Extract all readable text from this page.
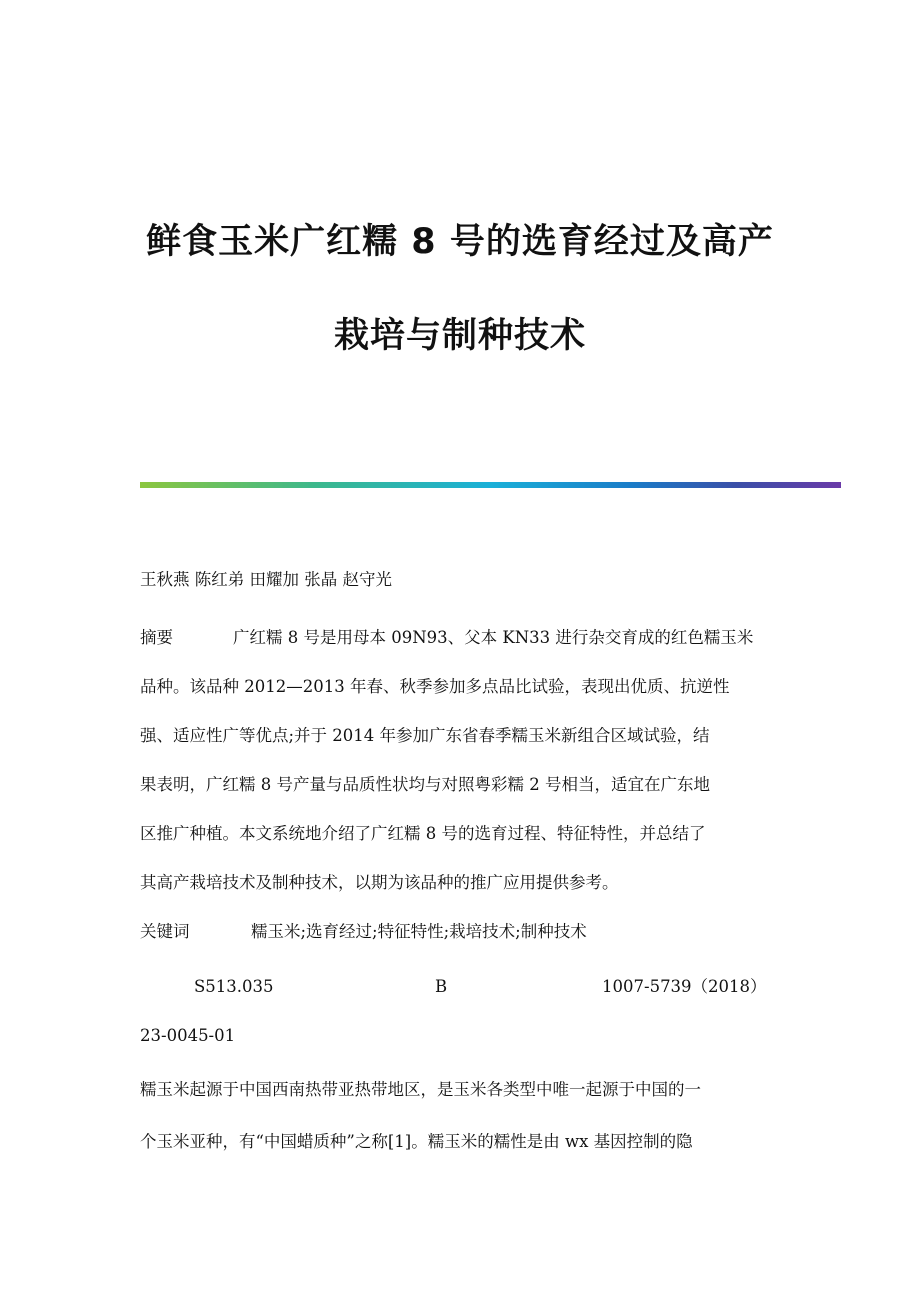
鲜食玉米广红糯 8 号的选育经过及高产
栽培与制种技术
王秋燕 陈红弟 田耀加 张晶 赵守光
摘要	广红糯 8 号是用母本 09N93、父本 KN33 进行杂交育成的红色糯玉米
品种。该品种 2012—2013 年春、秋季参加多点品比试验，表现出优质、抗逆性
强、适应性广等优点;并于 2014 年参加广东省春季糯玉米新组合区域试验，结
果表明，广红糯 8 号产量与品质性状均与对照粤彩糯 2 号相当，适宜在广东地
区推广种植。本文系统地介绍了广红糯 8 号的选育过程、特征特性，并总结了
其高产栽培技术及制种技术，以期为该品种的推广应用提供参考。
关键词	糯玉米;选育经过;特征特性;栽培技术;制种技术
S513.035	B	1007-5739（2018）
23-0045-01
糯玉米起源于中国西南热带亚热带地区，是玉米各类型中唯一起源于中国的一
个玉米亚种，有“中国蜡质种”之称[1]。糯玉米的糯性是由 wx 基因控制的隐
